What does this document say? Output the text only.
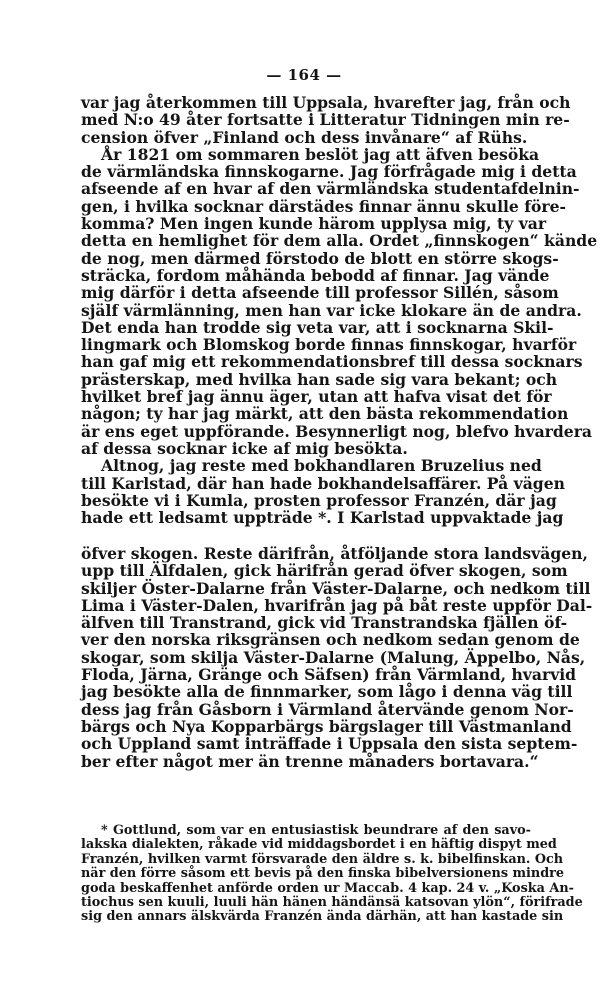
— 164 —
var jag återkommen till Uppsala, hvarefter jag, från och
med N:o 49 åter fortsatte i Litteratur Tidningen min re-
cension öfver „Finland och dess invånare“ af Rühs.
År 1821 om sommaren beslöt jag att äfven besöka
de värmländska finnskogarne. Jag förfrågade mig i detta
afseende af en hvar af den värmländska studentafdelnin-
gen, i hvilka socknar därstädes finnar ännu skulle före-
komma? Men ingen kunde härom upplysa mig, ty var
detta en hemlighet för dem alla. Ordet „finnskogen“ kände
de nog, men därmed förstodo de blott en större skogs-
sträcka, fordom måhända bebodd af finnar. Jag vände
mig därför i detta afseende till professor Sillén, såsom
själf värmlänning, men han var icke klokare än de andra.
Det enda han trodde sig veta var, att i socknarna Skil-
lingmark och Blomskog borde finnas finnskogar, hvarför
han gaf mig ett rekommendationsbref till dessa socknars
prästerskap, med hvilka han sade sig vara bekant; och
hvilket bref jag ännu äger, utan att hafva visat det för
någon; ty har jag märkt, att den bästa rekommendation
är ens eget uppförande. Besynnerligt nog, blefvo hvardera
af dessa socknar icke af mig besökta.
Altnog, jag reste med bokhandlaren Bruzelius ned
till Karlstad, där han hade bokhandelsaffärer. På vägen
besökte vi i Kumla, prosten professor Franzén, där jag
hade ett ledsamt uppträde *. I Karlstad uppvaktade jag
öfver skogen. Reste därifrån, åtföljande stora landsvägen,
upp till Älfdalen, gick härifrån gerad öfver skogen, som
skiljer Öster-Dalarne från Väster-Dalarne, och nedkom till
Lima i Väster-Dalen, hvarifrån jag på båt reste uppför Dal-
älfven till Transtrand, gick vid Transtrandska fjällen öf-
ver den norska riksgränsen och nedkom sedan genom de
skogar, som skilja Väster-Dalarne (Malung, Äppelbo, Nås,
Floda, Järna, Gränge och Säfsen) från Värmland, hvarvid
jag besökte alla de finnmarker, som lågo i denna väg till
dess jag från Gåsborn i Värmland återvände genom Nor-
bärgs och Nya Kopparbärgs bärgslager till Västmanland
och Uppland samt inträffade i Uppsala den sista septem-
ber efter något mer än trenne månaders bortavara.“
* Gottlund, som var en entusiastisk beundrare af den savo-
lakska dialekten, råkade vid middagsbordet i en häftig dispyt med
Franzén, hvilken varmt försvarade den äldre s. k. bibelfinskan. Och
när den förre såsom ett bevis på den finska bibelversionens mindre
goda beskaffenhet anförde orden ur Maccab. 4 kap. 24 v. „Koska An-
tiochus sen kuuli, luuli hän hänen händänsä katsovan ylön“, förifrade
sig den annars älskvärda Franzén ända därhän, att han kastade sin
